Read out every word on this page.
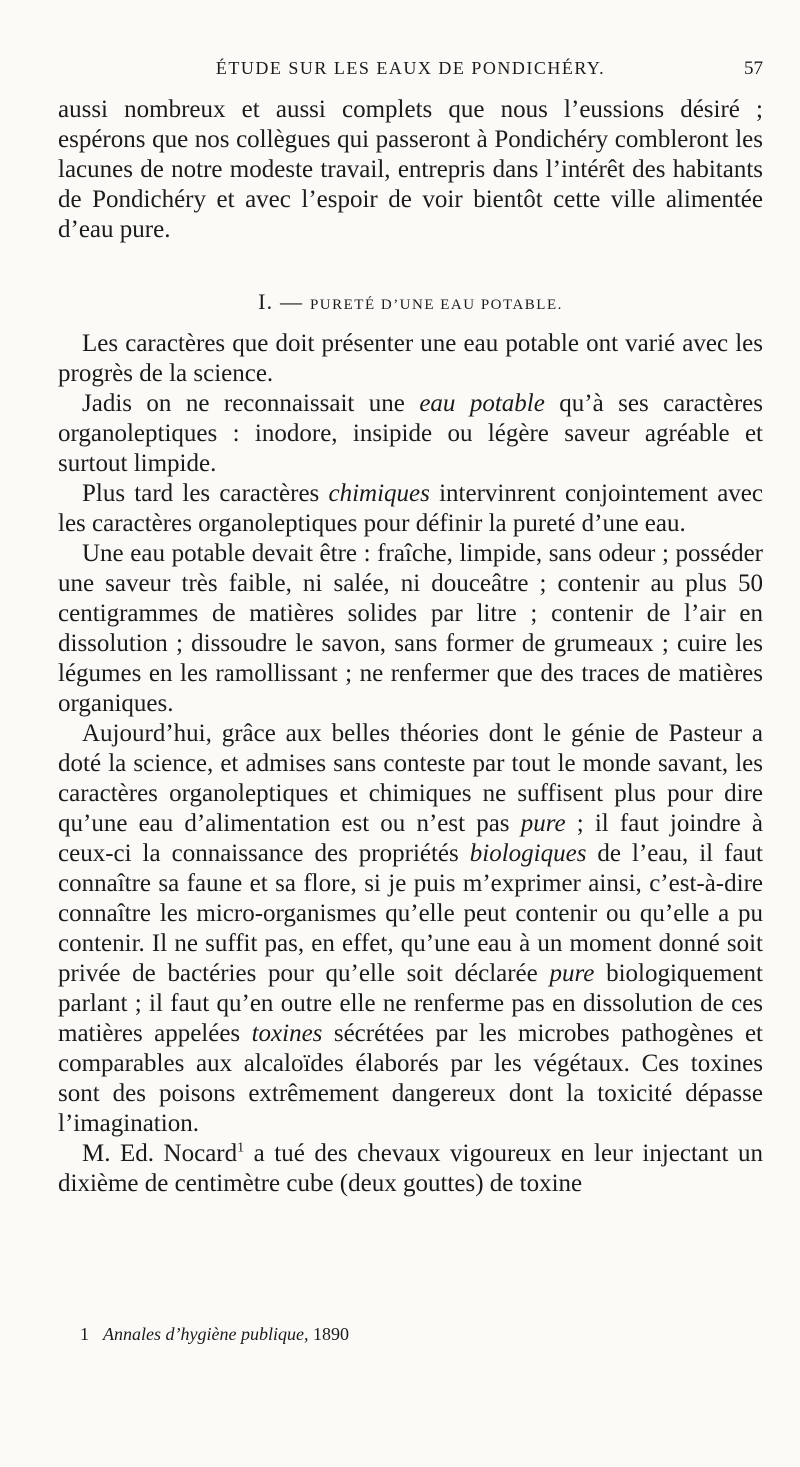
ÉTUDE SUR LES EAUX DE PONDICHÉRY.	57

aussi nombreux et aussi complets que nous l’eussions désiré ; espérons que nos collègues qui passeront à Pondichéry combleront les lacunes de notre modeste travail, entrepris dans l’intérêt des habitants de Pondichéry et avec l’espoir de voir bientôt cette ville alimentée d’eau pure.

I. — PURETÉ D’UNE EAU POTABLE.

Les caractères que doit présenter une eau potable ont varié avec les progrès de la science.

Jadis on ne reconnaissait une eau potable qu’à ses caractères organoleptiques : inodore, insipide ou légère saveur agréable et surtout limpide.

Plus tard les caractères chimiques intervinrent conjointement avec les caractères organoleptiques pour définir la pureté d’une eau.

Une eau potable devait être : fraîche, limpide, sans odeur ; posséder une saveur très faible, ni salée, ni douceâtre ; contenir au plus 50 centigrammes de matières solides par litre ; contenir de l’air en dissolution ; dissoudre le savon, sans former de grumeaux ; cuire les légumes en les ramollissant ; ne renfermer que des traces de matières organiques.

Aujourd’hui, grâce aux belles théories dont le génie de Pasteur a doté la science, et admises sans conteste par tout le monde savant, les caractères organoleptiques et chimiques ne suffisent plus pour dire qu’une eau d’alimentation est ou n’est pas pure ; il faut joindre à ceux-ci la connaissance des propriétés biologiques de l’eau, il faut connaître sa faune et sa flore, si je puis m’exprimer ainsi, c’est-à-dire connaître les micro-organismes qu’elle peut contenir ou qu’elle a pu contenir. Il ne suffit pas, en effet, qu’une eau à un moment donné soit privée de bactéries pour qu’elle soit déclarée pure biologiquement parlant ; il faut qu’en outre elle ne renferme pas en dissolution de ces matières appelées toxines sécrétées par les microbes pathogènes et comparables aux alcaloïdes élaborés par les végétaux. Ces toxines sont des poisons extrêmement dangereux dont la toxicité dépasse l’imagination.

M. Ed. Nocard$^1$ a tué des chevaux vigoureux en leur injectant un dixième de centimètre cube (deux gouttes) de toxine

1 Annales d’hygiène publique, 1890
